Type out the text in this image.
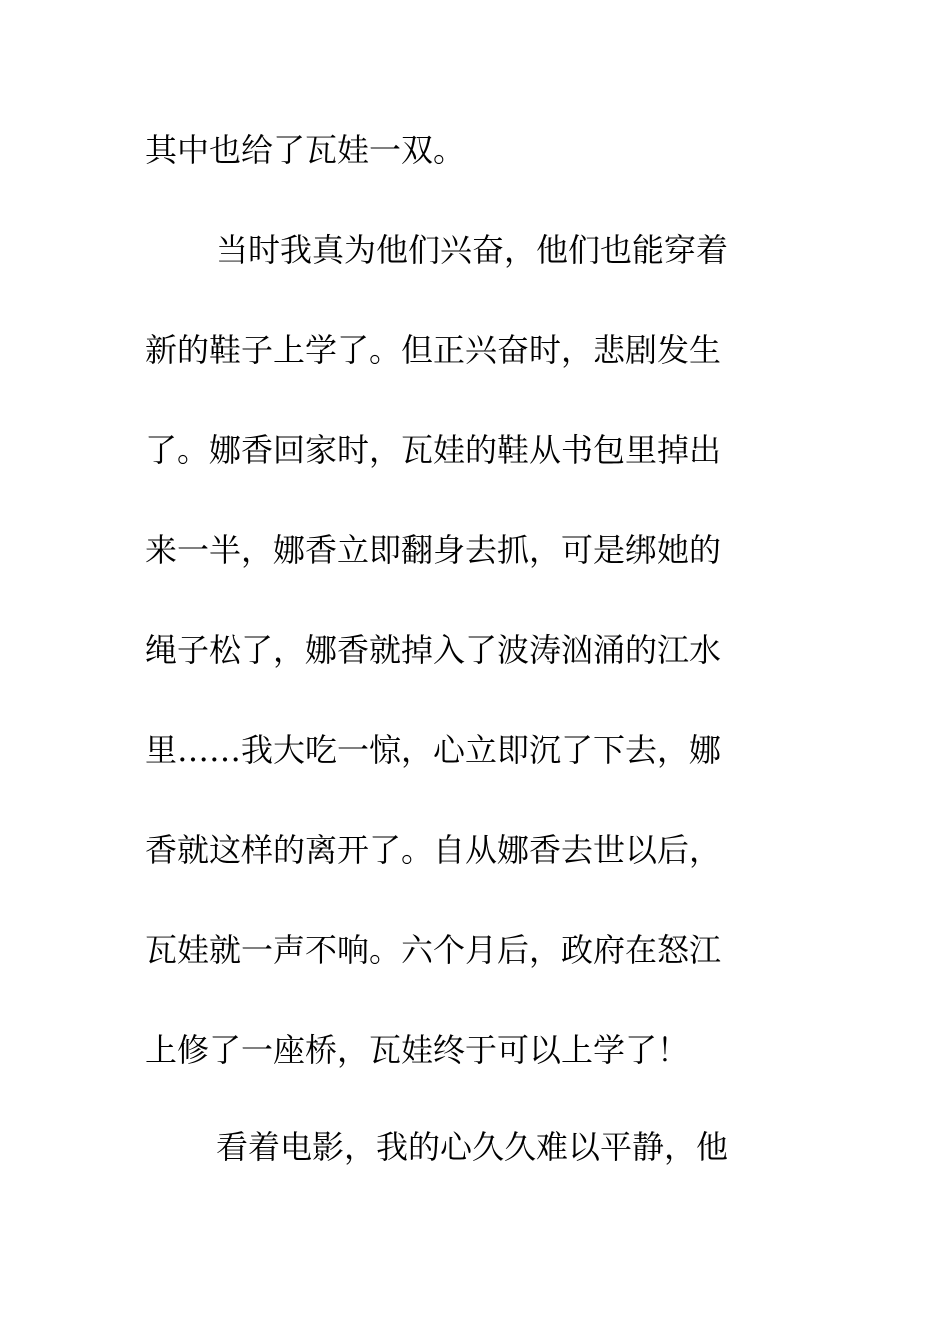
其中也给了瓦娃一双。
当时我真为他们兴奋，他们也能穿着
新的鞋子上学了。但正兴奋时，悲剧发生
了。娜香回家时，瓦娃的鞋从书包里掉出
来一半，娜香立即翻身去抓，可是绑她的
绳子松了，娜香就掉入了波涛汹涌的江水
里……我大吃一惊，心立即沉了下去，娜
香就这样的离开了。自从娜香去世以后，
瓦娃就一声不响。六个月后，政府在怒江
上修了一座桥，瓦娃终于可以上学了！
看着电影，我的心久久难以平静，他
